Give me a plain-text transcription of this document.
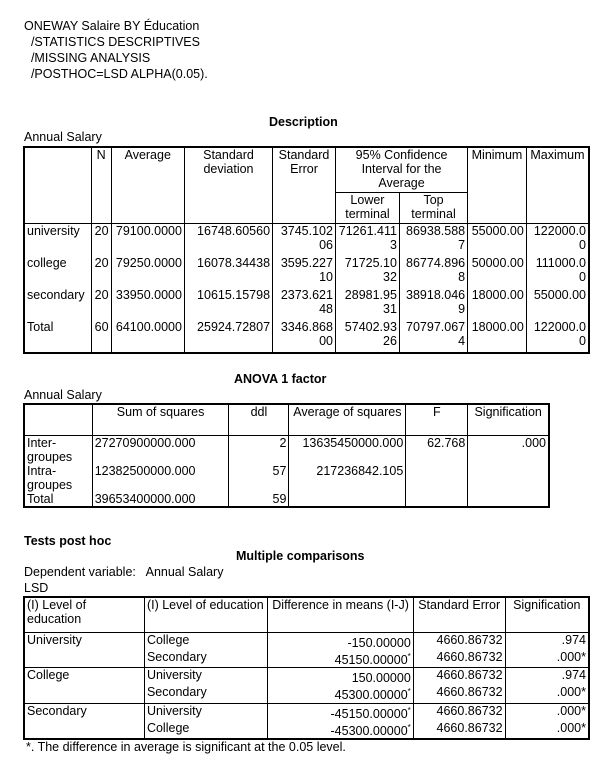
ONEWAY Salaire BY Éducation
/STATISTICS DESCRIPTIVES
/MISSING ANALYSIS
/POSTHOC=LSD ALPHA(0.05).
Description
Annual Salary
	N	Average	Standard deviation	Standard Error	95% Confidence Interval for the Average		Minimum	Maximum
					Lower terminal	Top terminal		
university	20	79100.0000	16748.60560	3745.10206	71261.4113	86938.5887	55000.00	122000.00
college	20	79250.0000	16078.34438	3595.22710	71725.1032	86774.8968	50000.00	111000.00
secondary	20	33950.0000	10615.15798	2373.62148	28981.9531	38918.0469	18000.00	55000.00
Total	60	64100.0000	25924.72807	3346.86800	57402.9326	70797.0674	18000.00	122000.00
ANOVA 1 factor
Annual Salary
	Sum of squares	ddl	Average of squares	F	Signification
Inter-groupes	27270900000.000	2	13635450000.000	62.768	.000
Intra-groupes	12382500000.000	57	217236842.105		
Total	39653400000.000	59			
Tests post hoc
Multiple comparisons
Dependent variable:   Annual Salary
LSD
(I) Level of education	(I) Level of education	Difference in means (I-J)	Standard Error	Signification
University	College	-150.00000	4660.86732	.974
	Secondary	45150.00000*	4660.86732	.000*
College	University	150.00000	4660.86732	.974
	Secondary	45300.00000*	4660.86732	.000*
Secondary	University	-45150.00000*	4660.86732	.000*
	College	-45300.00000*	4660.86732	.000*
*. The difference in average is significant at the 0.05 level.
